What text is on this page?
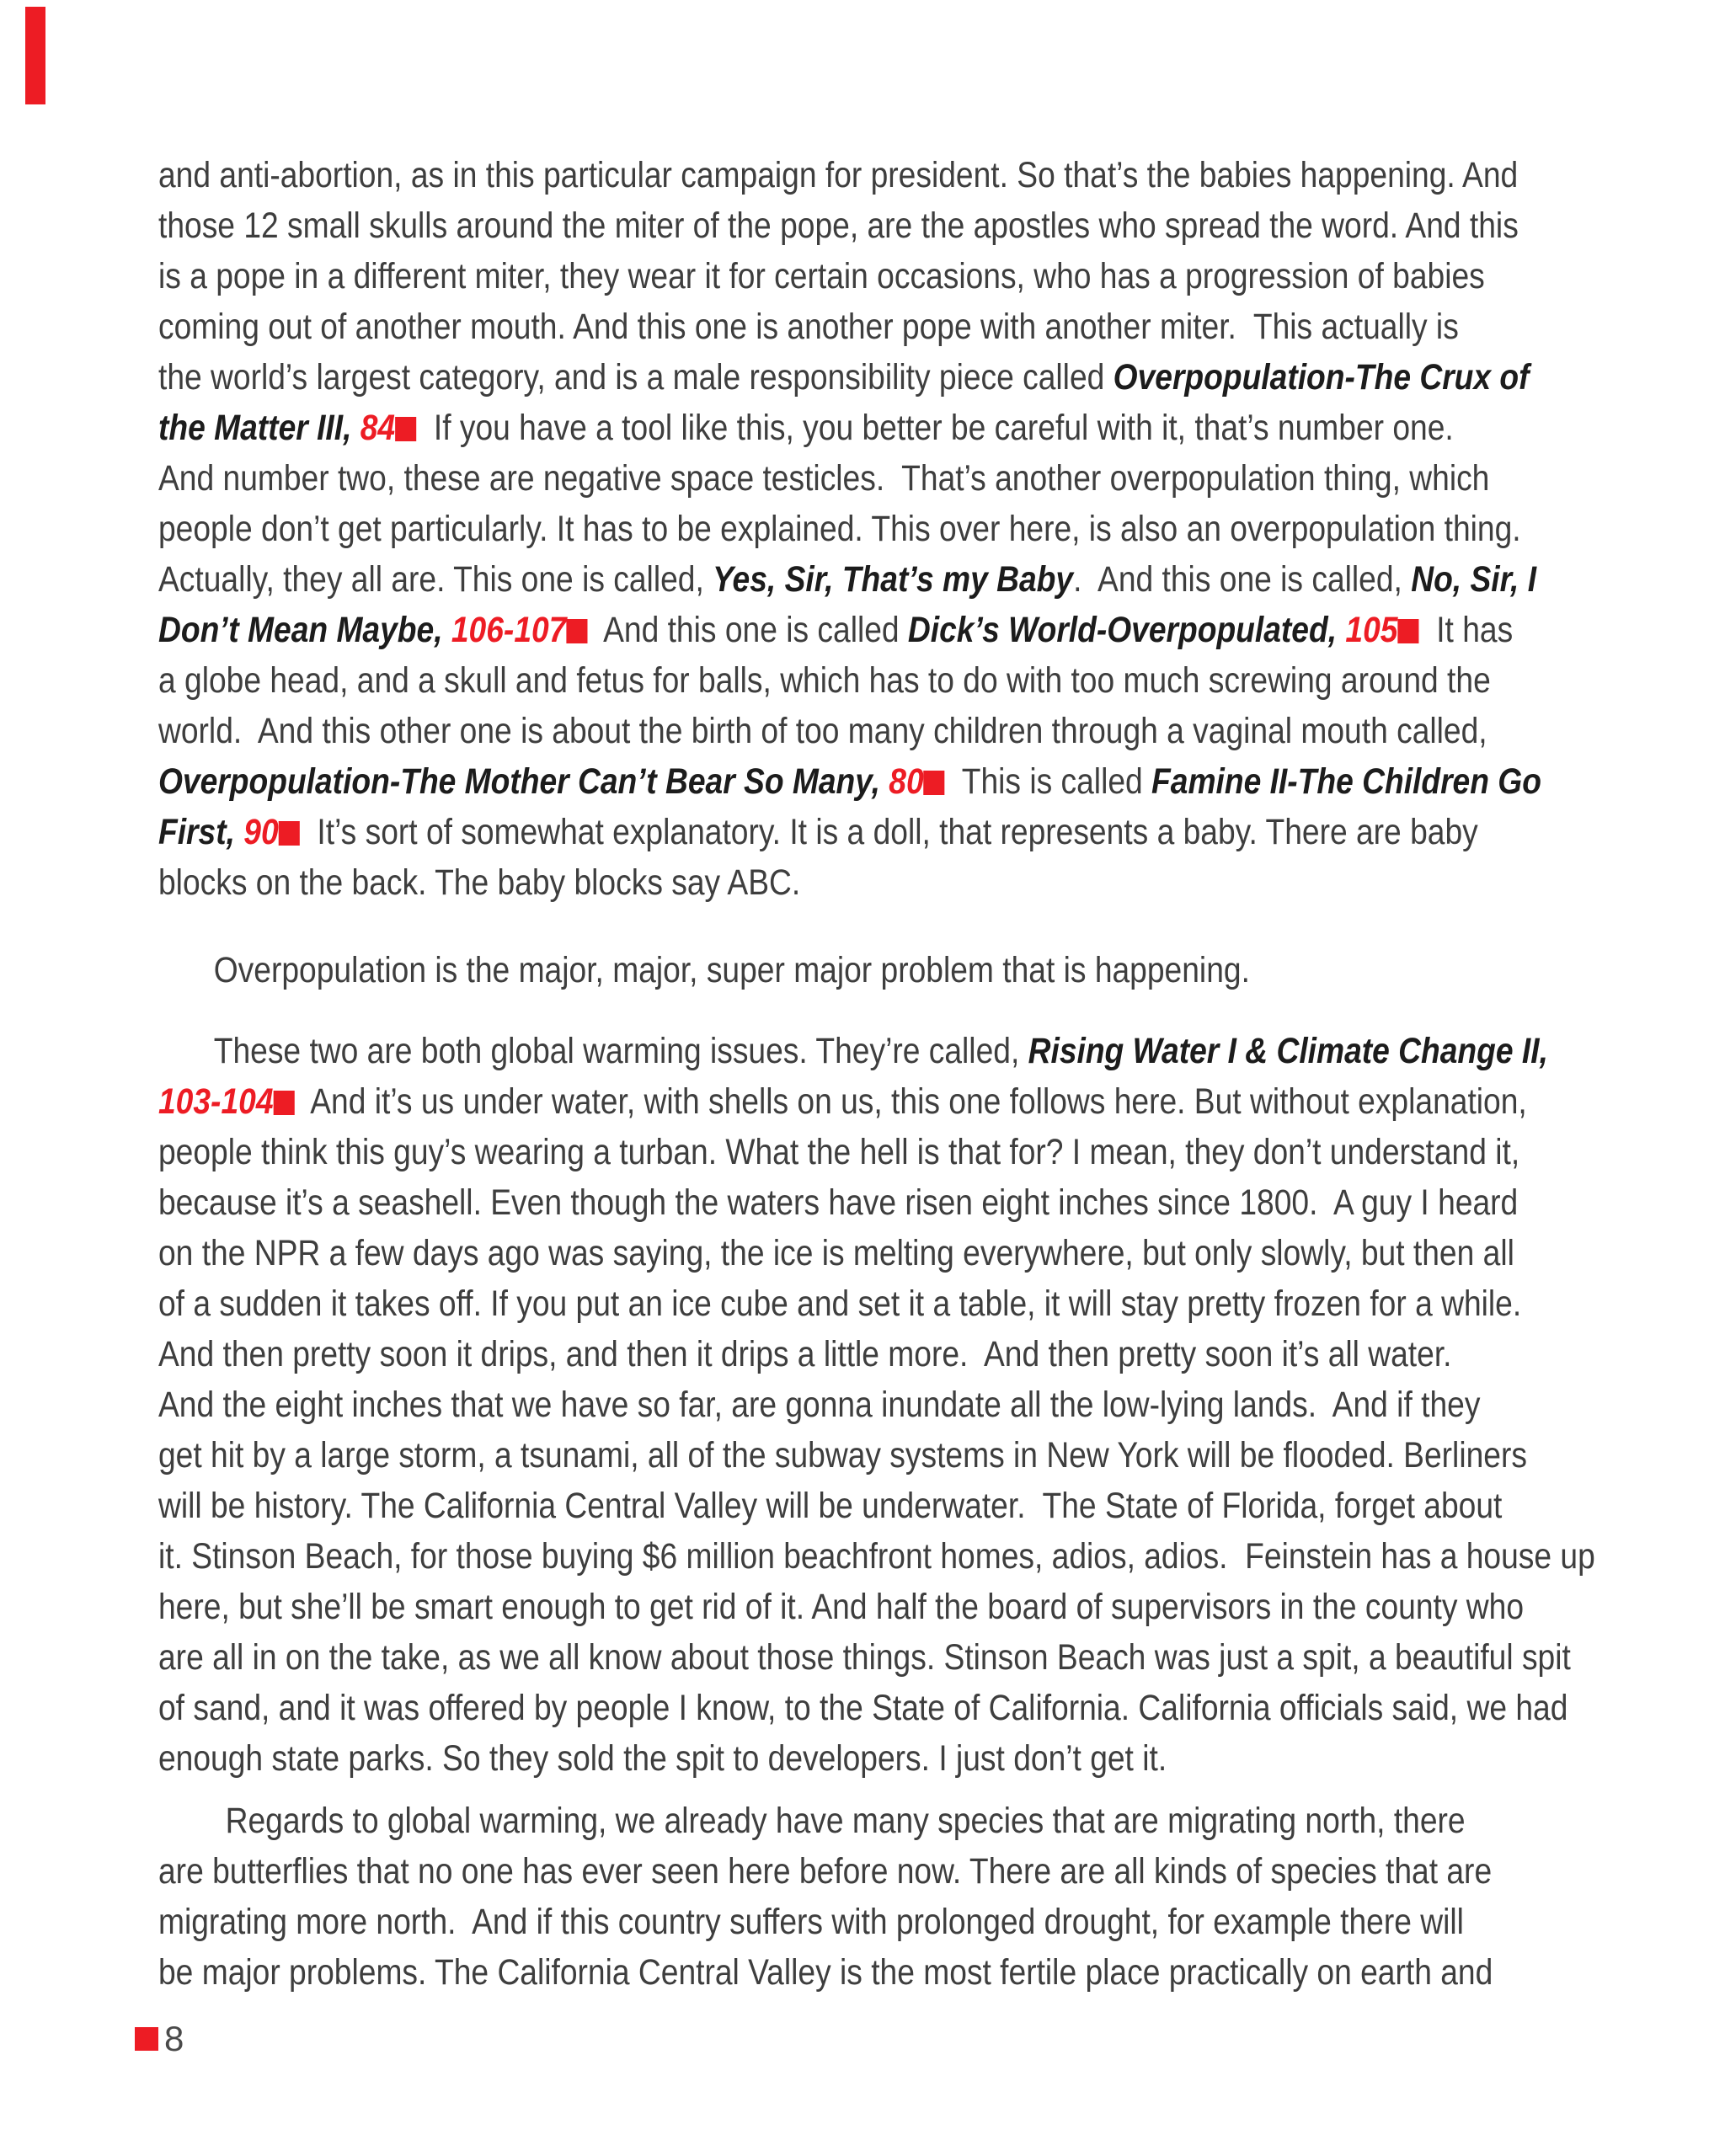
and anti-abortion, as in this particular campaign for president. So that’s the babies happening. And
those 12 small skulls around the miter of the pope, are the apostles who spread the word. And this
is a pope in a different miter, they wear it for certain occasions, who has a progression of babies
coming out of another mouth. And this one is another pope with another miter.  This actually is
the world’s largest category, and is a male responsibility piece called Overpopulation-The Crux of
the Matter III, 84  If you have a tool like this, you better be careful with it, that’s number one.
And number two, these are negative space testicles.  That’s another overpopulation thing, which
people don’t get particularly. It has to be explained. This over here, is also an overpopulation thing.
Actually, they all are. This one is called, Yes, Sir, That’s my Baby.  And this one is called, No, Sir, I
Don’t Mean Maybe, 106-107  And this one is called Dick’s World-Overpopulated, 105  It has
a globe head, and a skull and fetus for balls, which has to do with too much screwing around the
world.  And this other one is about the birth of too many children through a vaginal mouth called,
Overpopulation-The Mother Can’t Bear So Many, 80  This is called Famine II-The Children Go
First, 90  It’s sort of somewhat explanatory. It is a doll, that represents a baby. There are baby
blocks on the back. The baby blocks say ABC.
Overpopulation is the major, major, super major problem that is happening.
These two are both global warming issues. They’re called, Rising Water I & Climate Change II,
103-104  And it’s us under water, with shells on us, this one follows here. But without explanation,
people think this guy’s wearing a turban. What the hell is that for? I mean, they don’t understand it,
because it’s a seashell. Even though the waters have risen eight inches since 1800.  A guy I heard
on the NPR a few days ago was saying, the ice is melting everywhere, but only slowly, but then all
of a sudden it takes off. If you put an ice cube and set it a table, it will stay pretty frozen for a while.
And then pretty soon it drips, and then it drips a little more.  And then pretty soon it’s all water.
And the eight inches that we have so far, are gonna inundate all the low-lying lands.  And if they
get hit by a large storm, a tsunami, all of the subway systems in New York will be flooded. Berliners
will be history. The California Central Valley will be underwater.  The State of Florida, forget about
it. Stinson Beach, for those buying $6 million beachfront homes, adios, adios.  Feinstein has a house up
here, but she’ll be smart enough to get rid of it. And half the board of supervisors in the county who
are all in on the take, as we all know about those things. Stinson Beach was just a spit, a beautiful spit
of sand, and it was offered by people I know, to the State of California. California officials said, we had
enough state parks. So they sold the spit to developers. I just don’t get it.
Regards to global warming, we already have many species that are migrating north, there
are butterflies that no one has ever seen here before now. There are all kinds of species that are
migrating more north.  And if this country suffers with prolonged drought, for example there will
be major problems. The California Central Valley is the most fertile place practically on earth and
8
